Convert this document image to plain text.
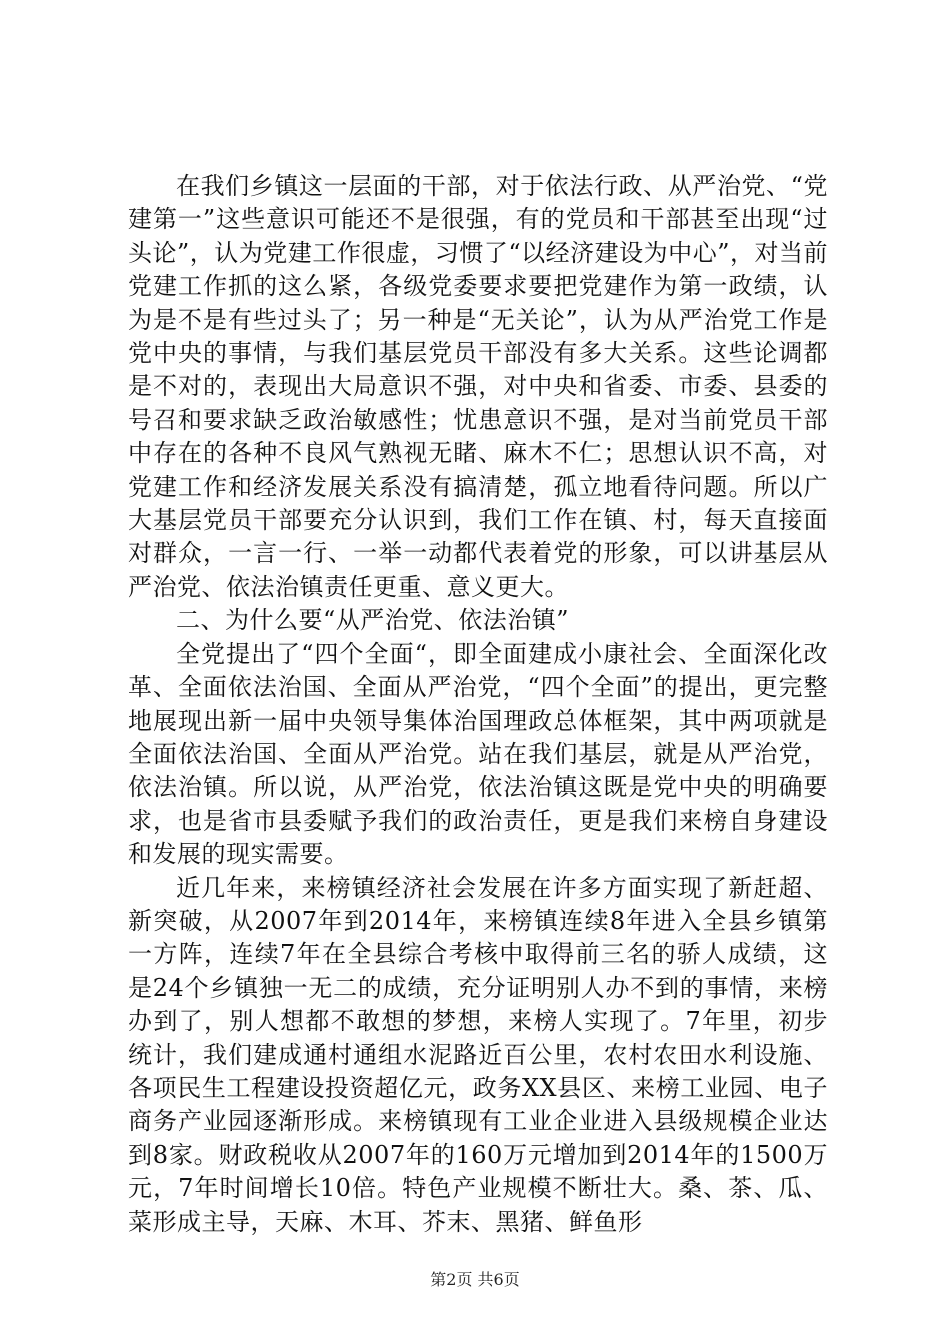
在我们乡镇这一层面的干部，对于依法行政、从严治党、“党建第一”这些意识可能还不是很强，有的党员和干部甚至出现“过头论”，认为党建工作很虚，习惯了“以经济建设为中心”，对当前党建工作抓的这么紧，各级党委要求要把党建作为第一政绩，认为是不是有些过头了；另一种是“无关论”，认为从严治党工作是党中央的事情，与我们基层党员干部没有多大关系。这些论调都是不对的，表现出大局意识不强，对中央和省委、市委、县委的号召和要求缺乏政治敏感性；忧患意识不强，是对当前党员干部中存在的各种不良风气熟视无睹、麻木不仁；思想认识不高，对党建工作和经济发展关系没有搞清楚，孤立地看待问题。所以广大基层党员干部要充分认识到，我们工作在镇、村，每天直接面对群众，一言一行、一举一动都代表着党的形象，可以讲基层从严治党、依法治镇责任更重、意义更大。

二、为什么要“从严治党、依法治镇”

全党提出了“四个全面“，即全面建成小康社会、全面深化改革、全面依法治国、全面从严治党，“四个全面”的提出，更完整地展现出新一届中央领导集体治国理政总体框架，其中两项就是全面依法治国、全面从严治党。站在我们基层，就是从严治党，依法治镇。所以说，从严治党，依法治镇这既是党中央的明确要求，也是省市县委赋予我们的政治责任，更是我们来榜自身建设和发展的现实需要。

近几年来，来榜镇经济社会发展在许多方面实现了新赶超、新突破，从2007年到2014年，来榜镇连续8年进入全县乡镇第一方阵，连续7年在全县综合考核中取得前三名的骄人成绩，这是24个乡镇独一无二的成绩，充分证明别人办不到的事情，来榜办到了，别人想都不敢想的梦想，来榜人实现了。7年里，初步统计，我们建成通村通组水泥路近百公里，农村农田水利设施、各项民生工程建设投资超亿元，政务XX县区、来榜工业园、电子商务产业园逐渐形成。来榜镇现有工业企业进入县级规模企业达到8家。财政税收从2007年的160万元增加到2014年的1500万元，7年时间增长10倍。特色产业规模不断壮大。桑、茶、瓜、菜形成主导，天麻、木耳、芥末、黑猪、鲜鱼形

第2页 共6页
